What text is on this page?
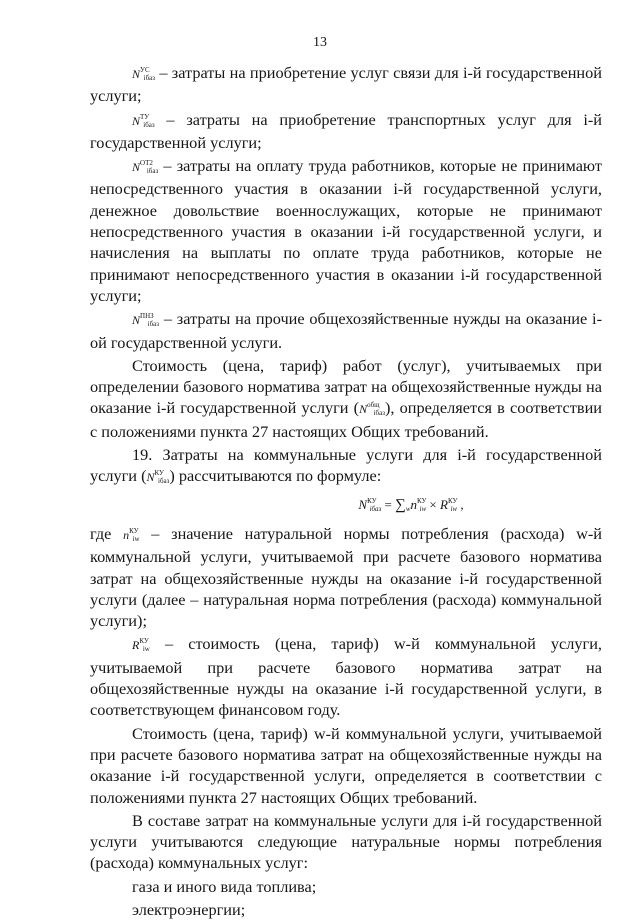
13

$N^{УС}_{iбаз}$ – затраты на приобретение услуг связи для i-й государственной услуги;

$N^{ТУ}_{iбаз}$ – затраты на приобретение транспортных услуг для i-й государственной услуги;

$N^{ОТ2}_{iбаз}$ – затраты на оплату труда работников, которые не принимают непосредственного участия в оказании i-й государственной услуги, денежное довольствие военнослужащих, которые не принимают непосредственного участия в оказании i-й государственной услуги, и начисления на выплаты по оплате труда работников, которые не принимают непосредственного участия в оказании i-й государственной услуги;

$N^{ПНЗ}_{iбаз}$ – затраты на прочие общехозяйственные нужды на оказание i-ой государственной услуги.

Стоимость (цена, тариф) работ (услуг), учитываемых при определении базового норматива затрат на общехозяйственные нужды на оказание i-й государственной услуги $(N^{общ}_{iбаз})$, определяется в соответствии с положениями пункта 27 настоящих Общих требований.

19. Затраты на коммунальные услуги для i-й государственной услуги $(N^{КУ}_{iбаз})$ рассчитываются по формуле:

$N^{КУ}_{iбаз} = \sum_wn^{КУ}_{iw} \times R^{КУ}_{iw}$ ,

где $n^{КУ}_{iw}$ – значение натуральной нормы потребления (расхода) w-й коммунальной услуги, учитываемой при расчете базового норматива затрат на общехозяйственные нужды на оказание i-й государственной услуги (далее – натуральная норма потребления (расхода) коммунальной услуги);

$R^{КУ}_{iw}$ – стоимость (цена, тариф) w-й коммунальной услуги, учитываемой при расчете базового норматива затрат на общехозяйственные нужды на оказание i-й государственной услуги, в соответствующем финансовом году.

Стоимость (цена, тариф) w-й коммунальной услуги, учитываемой при расчете базового норматива затрат на общехозяйственные нужды на оказание i-й государственной услуги, определяется в соответствии с положениями пункта 27 настоящих Общих требований.

В составе затрат на коммунальные услуги для i-й государственной услуги учитываются следующие натуральные нормы потребления (расхода) коммунальных услуг:

газа и иного вида топлива;

электроэнергии;
